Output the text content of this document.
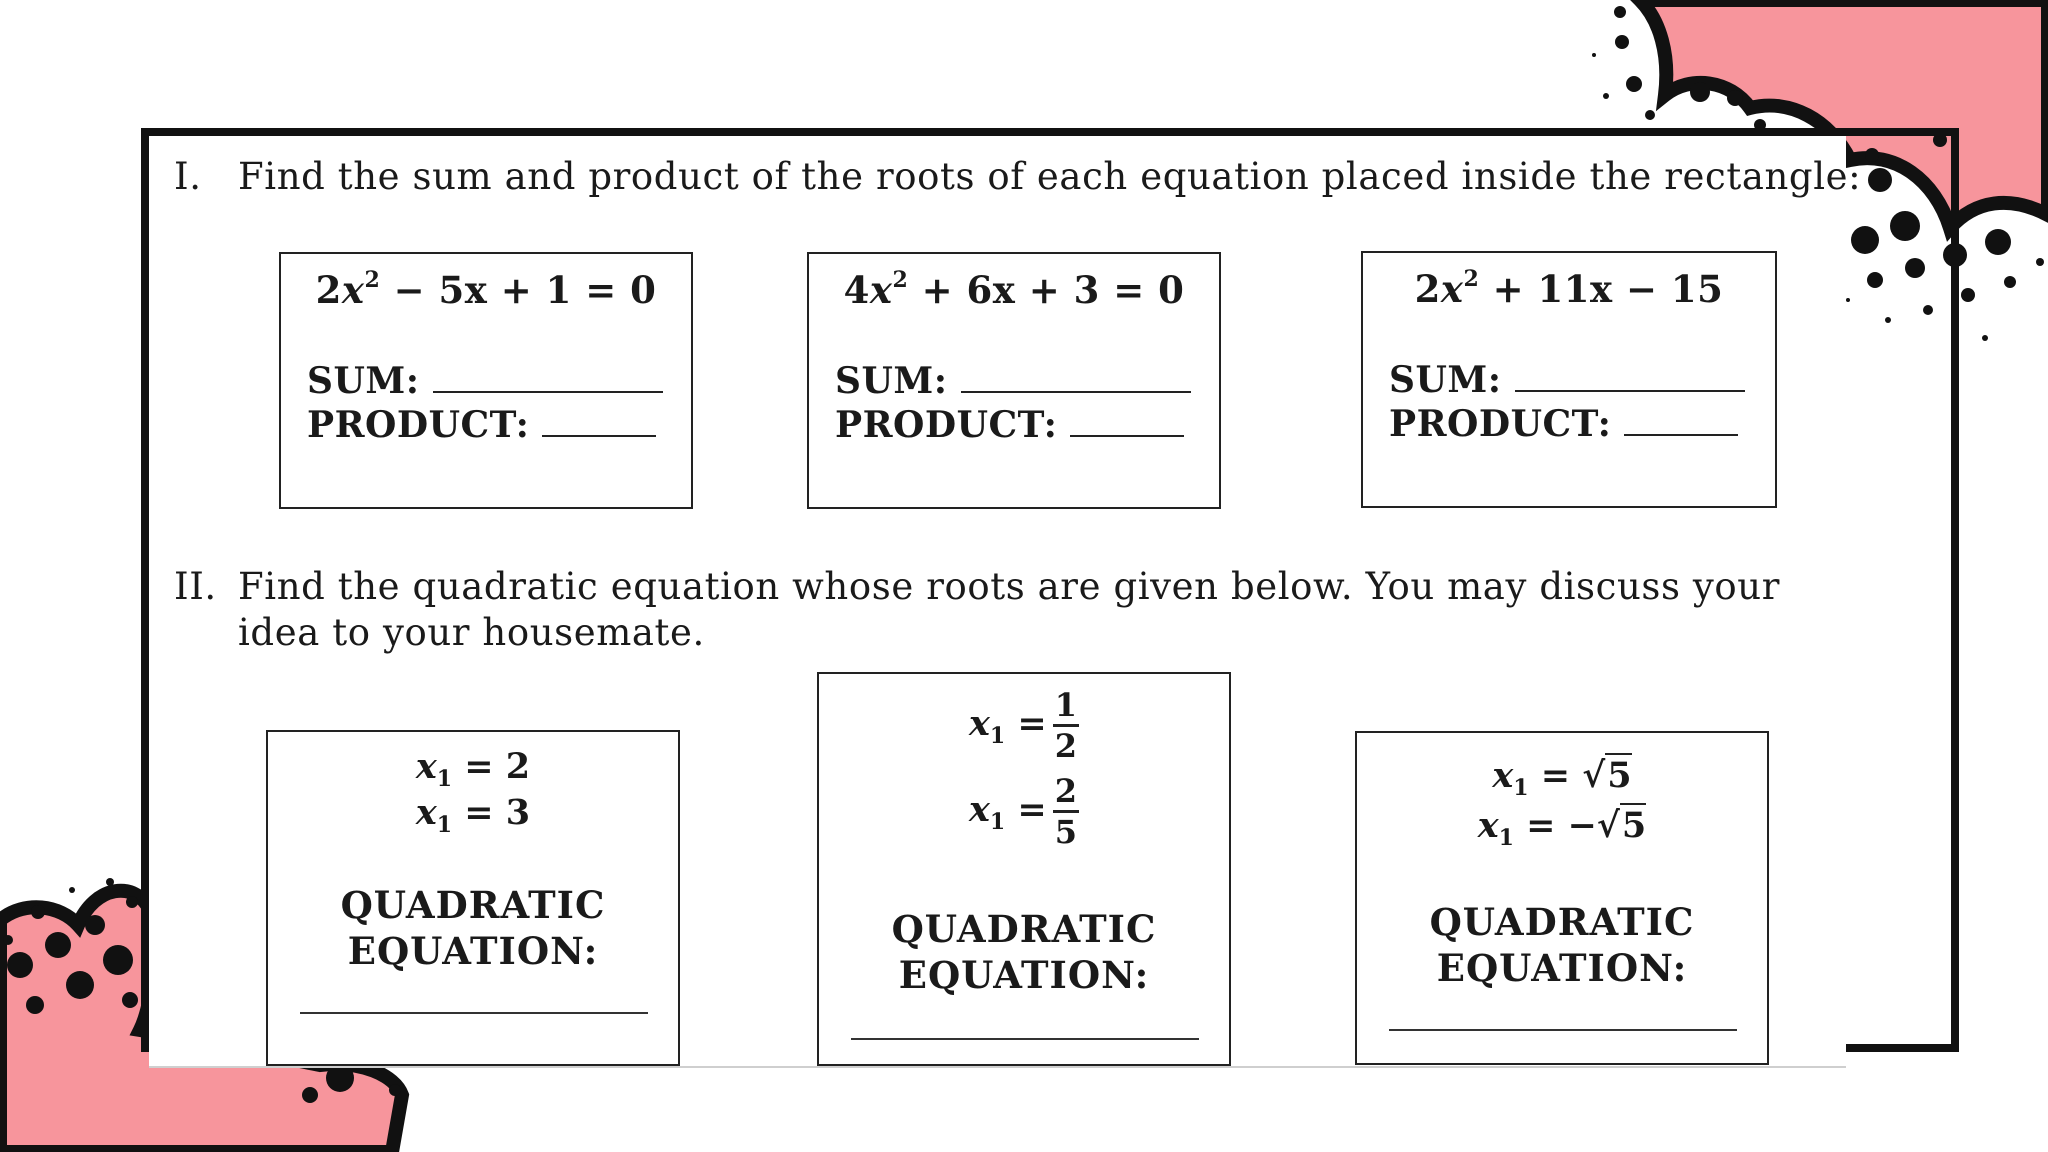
I. Find the sum and product of the roots of each equation placed inside the rectangle:
$2x^2 - 5x + 1 = 0$
SUM:
PRODUCT:
$4x^2 + 6x + 3 = 0$
SUM:
PRODUCT:
$2x^2 + 11x - 15$
SUM:
PRODUCT:
II. Find the quadratic equation whose roots are given below. You may discuss your
idea to your housemate.
$x_1 = 2$
$x_1 = 3$
QUADRATIC
EQUATION:
$x_1 = \frac{1}{2}$
$x_1 = \frac{2}{5}$
QUADRATIC
EQUATION:
$x_1 = √5$
$x_1 = -√5$
QUADRATIC
EQUATION:
